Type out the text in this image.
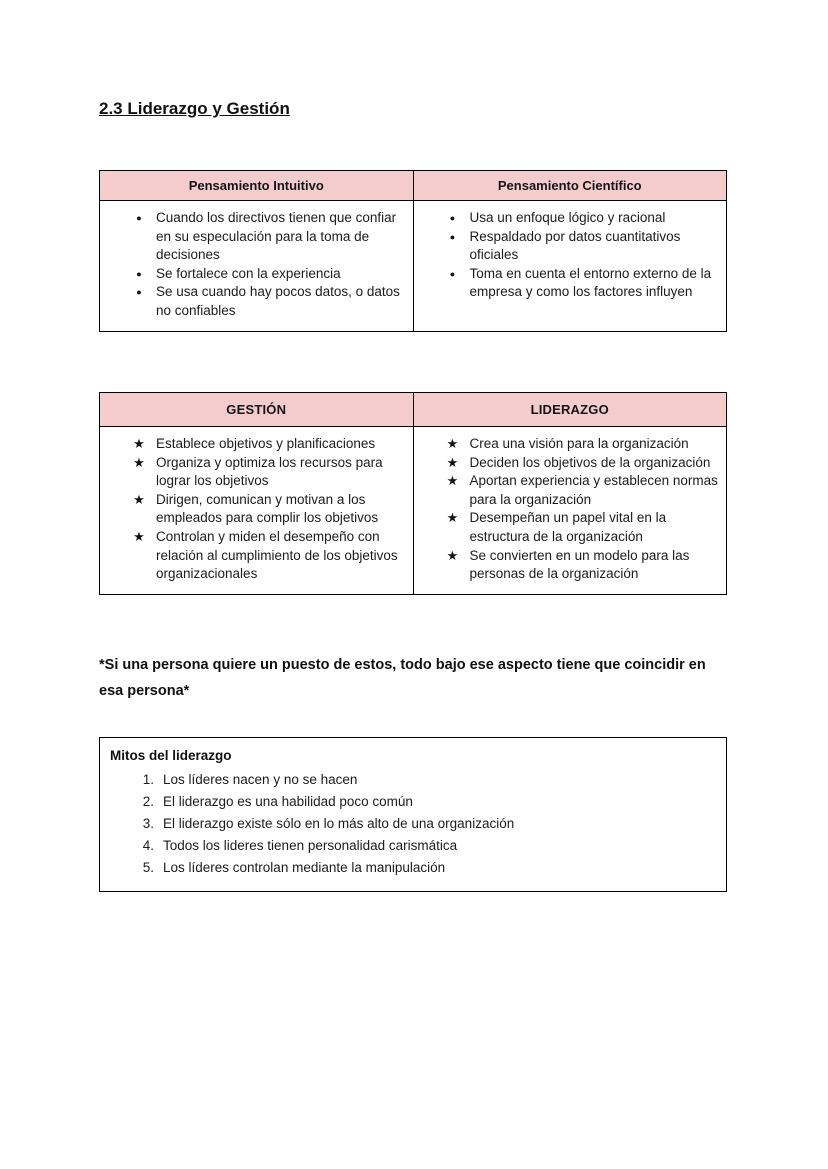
2.3 Liderazgo y Gestión
Pensamiento Intuitivo	Pensamiento Científico

●	Cuando los directivos tienen que confiar en su especulación para la toma de decisiones
●	Se fortalece con la experiencia
●	Se usa cuando hay pocos datos, o datos no confiables

●	Usa un enfoque lógico y racional
●	Respaldado por datos cuantitativos oficiales
●	Toma en cuenta el entorno externo de la empresa y como los factores influyen
GESTIÓN	LIDERAZGO

★ Establece objetivos y planificaciones
★ Organiza y optimiza los recursos para lograr los objetivos
★ Dirigen, comunican y motivan a los empleados para complir los objetivos
★ Controlan y miden el desempeño con relación al cumplimiento de los objetivos organizacionales

★ Crea una visión para la organización
★ Deciden los objetivos de la organización
★ Aportan experiencia y establecen normas para la organización
★ Desempeñan un papel vital en la estructura de la organización
★ Se convierten en un modelo para las personas de la organización

*Si una persona quiere un puesto de estos, todo bajo ese aspecto tiene que coincidir en esa persona*

Mitos del liderazgo
1. Los líderes nacen y no se hacen
2. El liderazgo es una habilidad poco común
3. El liderazgo existe sólo en lo más alto de una organización
4. Todos los lideres tienen personalidad carismática
5. Los líderes controlan mediante la manipulación
